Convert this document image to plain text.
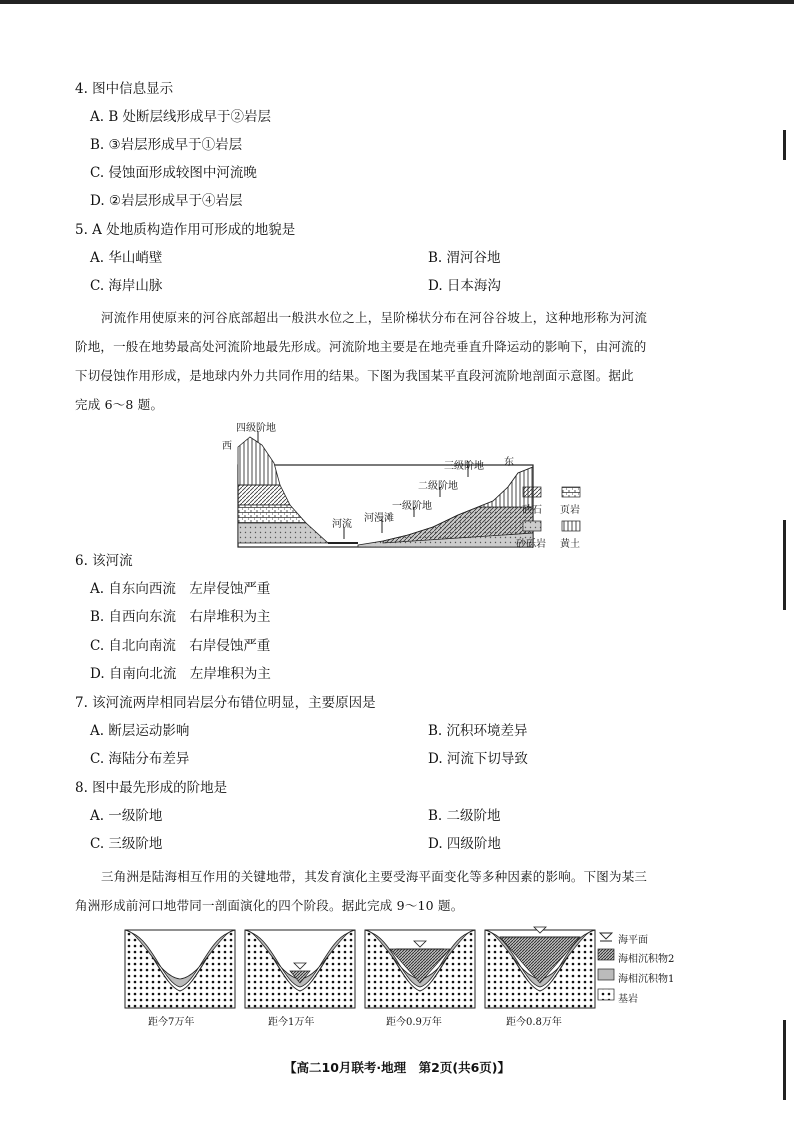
4. 图中信息显示
A. B 处断层线形成早于②岩层
B. ③岩层形成早于①岩层
C. 侵蚀面形成较图中河流晚
D. ②岩层形成早于④岩层
5. A 处地质构造作用可形成的地貌是
A. 华山峭壁	B. 渭河谷地
C. 海岸山脉	D. 日本海沟
河流作用使原来的河谷底部超出一般洪水位之上，呈阶梯状分布在河谷谷坡上，这种地形称为河流
阶地，一般在地势最高处河流阶地最先形成。河流阶地主要是在地壳垂直升降运动的影响下，由河流的
下切侵蚀作用形成，是地球内外力共同作用的结果。下图为我国某平直段河流阶地剖面示意图。据此
完成 6～8 题。
西
四级阶地
东
三级阶地
二级阶地
一级阶地
河漫滩
河流
砂石 页岩
砂砾岩 黄土
6. 该河流
A. 自东向西流　左岸侵蚀严重
B. 自西向东流　右岸堆积为主
C. 自北向南流　右岸侵蚀严重
D. 自南向北流　左岸堆积为主
7. 该河流两岸相同岩层分布错位明显，主要原因是
A. 断层运动影响	B. 沉积环境差异
C. 海陆分布差异	D. 河流下切导致
8. 图中最先形成的阶地是
A. 一级阶地	B. 二级阶地
C. 三级阶地	D. 四级阶地
三角洲是陆海相互作用的关键地带，其发育演化主要受海平面变化等多种因素的影响。下图为某三
角洲形成前河口地带同一剖面演化的四个阶段。据此完成 9～10 题。
距今7万年	距今1万年	距今0.9万年	距今0.8万年
海平面
海相沉积物2
海相沉积物1
基岩
【高二10月联考·地理　第2页(共6页)】
